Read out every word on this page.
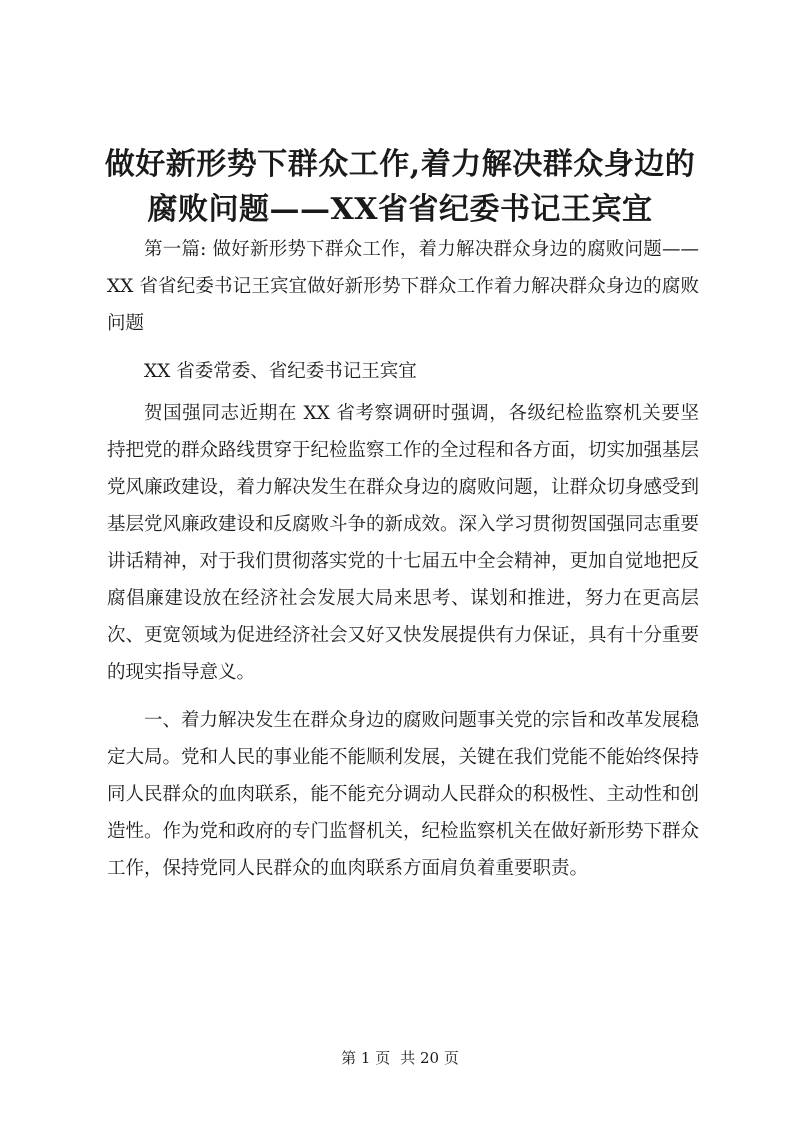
做好新形势下群众工作,着力解决群众身边的
腐败问题——XX省省纪委书记王宾宜

第一篇: 做好新形势下群众工作，着力解决群众身边的腐败问题——XX 省省纪委书记王宾宜做好新形势下群众工作着力解决群众身边的腐败问题

XX 省委常委、省纪委书记王宾宜

贺国强同志近期在 XX 省考察调研时强调，各级纪检监察机关要坚持把党的群众路线贯穿于纪检监察工作的全过程和各方面，切实加强基层党风廉政建设，着力解决发生在群众身边的腐败问题，让群众切身感受到基层党风廉政建设和反腐败斗争的新成效。深入学习贯彻贺国强同志重要讲话精神，对于我们贯彻落实党的十七届五中全会精神，更加自觉地把反腐倡廉建设放在经济社会发展大局来思考、谋划和推进，努力在更高层次、更宽领域为促进经济社会又好又快发展提供有力保证，具有十分重要的现实指导意义。

一、着力解决发生在群众身边的腐败问题事关党的宗旨和改革发展稳定大局。党和人民的事业能不能顺利发展，关键在我们党能不能始终保持同人民群众的血肉联系，能不能充分调动人民群众的积极性、主动性和创造性。作为党和政府的专门监督机关，纪检监察机关在做好新形势下群众工作，保持党同人民群众的血肉联系方面肩负着重要职责。

第 1 页 共 20 页
